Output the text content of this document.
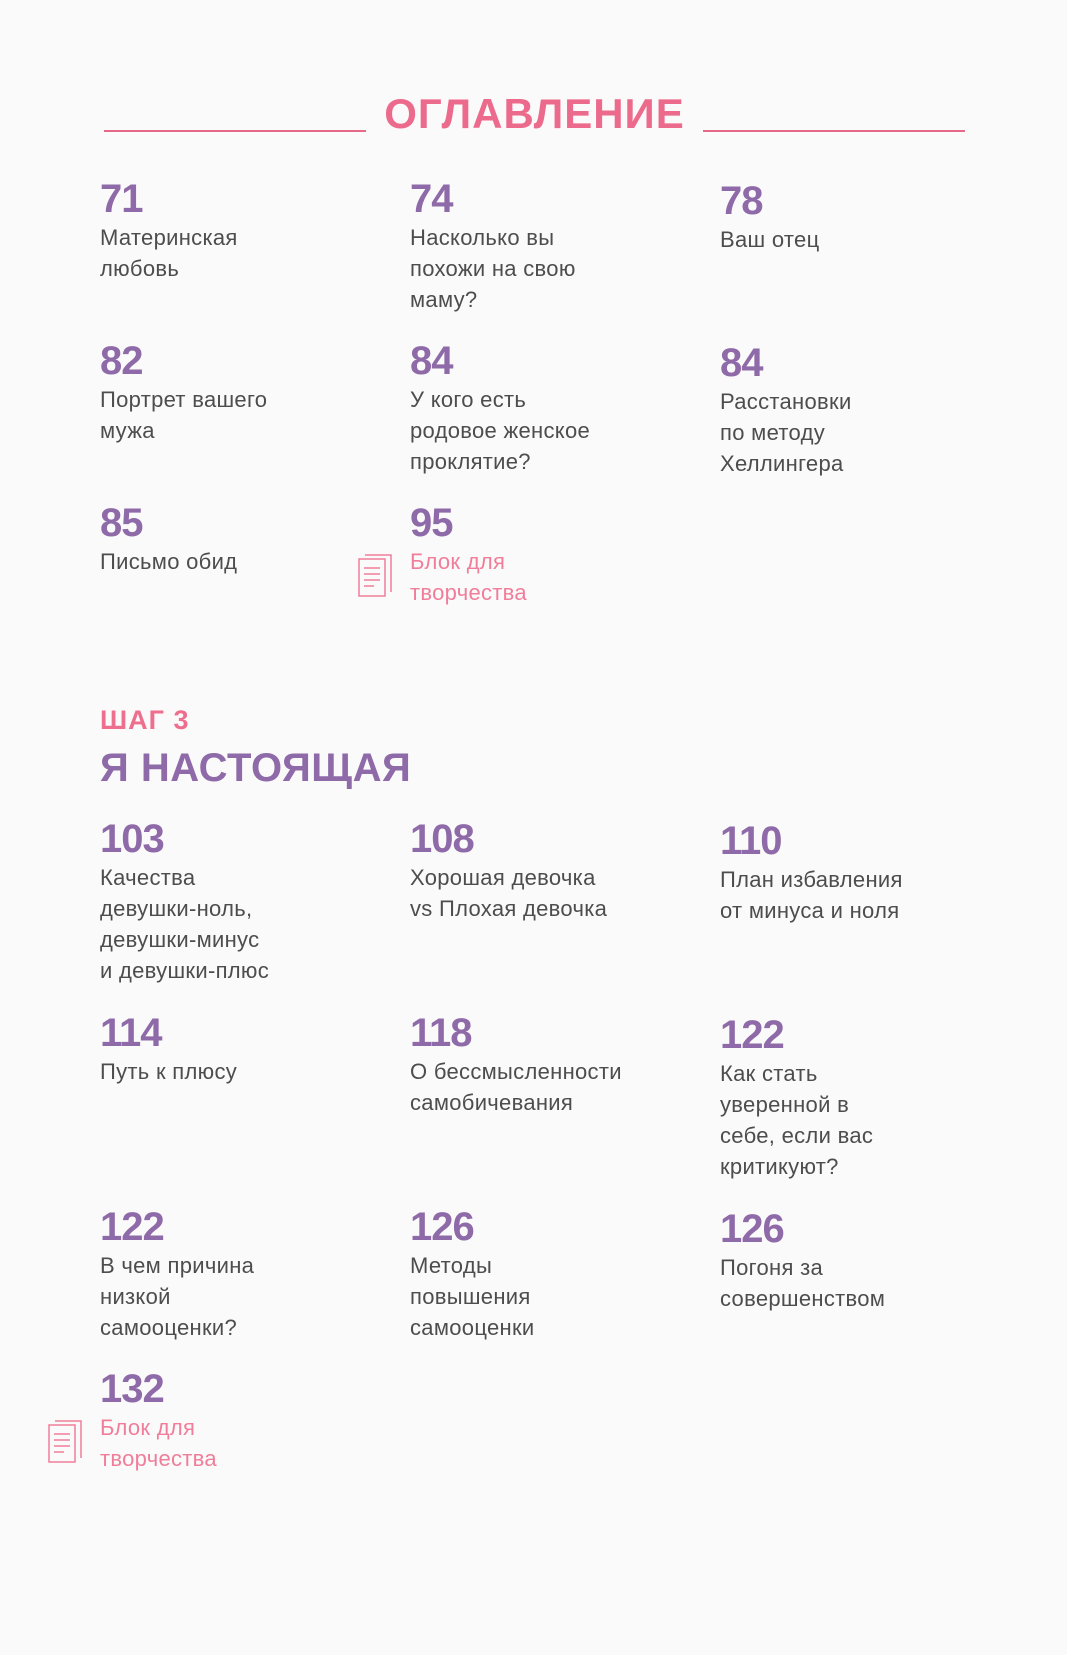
ОГЛАВЛЕНИЕ
71
Материнская
любовь
74
Насколько вы
похожи на свою
маму?
78
Ваш отец
82
Портрет вашего
мужа
84
У кого есть
родовое женское
проклятие?
84
Расстановки
по методу
Хеллингера
85
Письмо обид
95
Блок для
творчества
ШАГ 3
Я НАСТОЯЩАЯ
103
Качества
девушки-ноль,
девушки-минус
и девушки-плюс
108
Хорошая девочка
vs Плохая девочка
110
План избавления
от минуса и ноля
114
Путь к плюсу
118
О бессмысленности
самобичевания
122
Как стать
уверенной в
себе, если вас
критикуют?
122
В чем причина
низкой
самооценки?
126
Методы
повышения
самооценки
126
Погоня за
совершенством
132
Блок для
творчества
